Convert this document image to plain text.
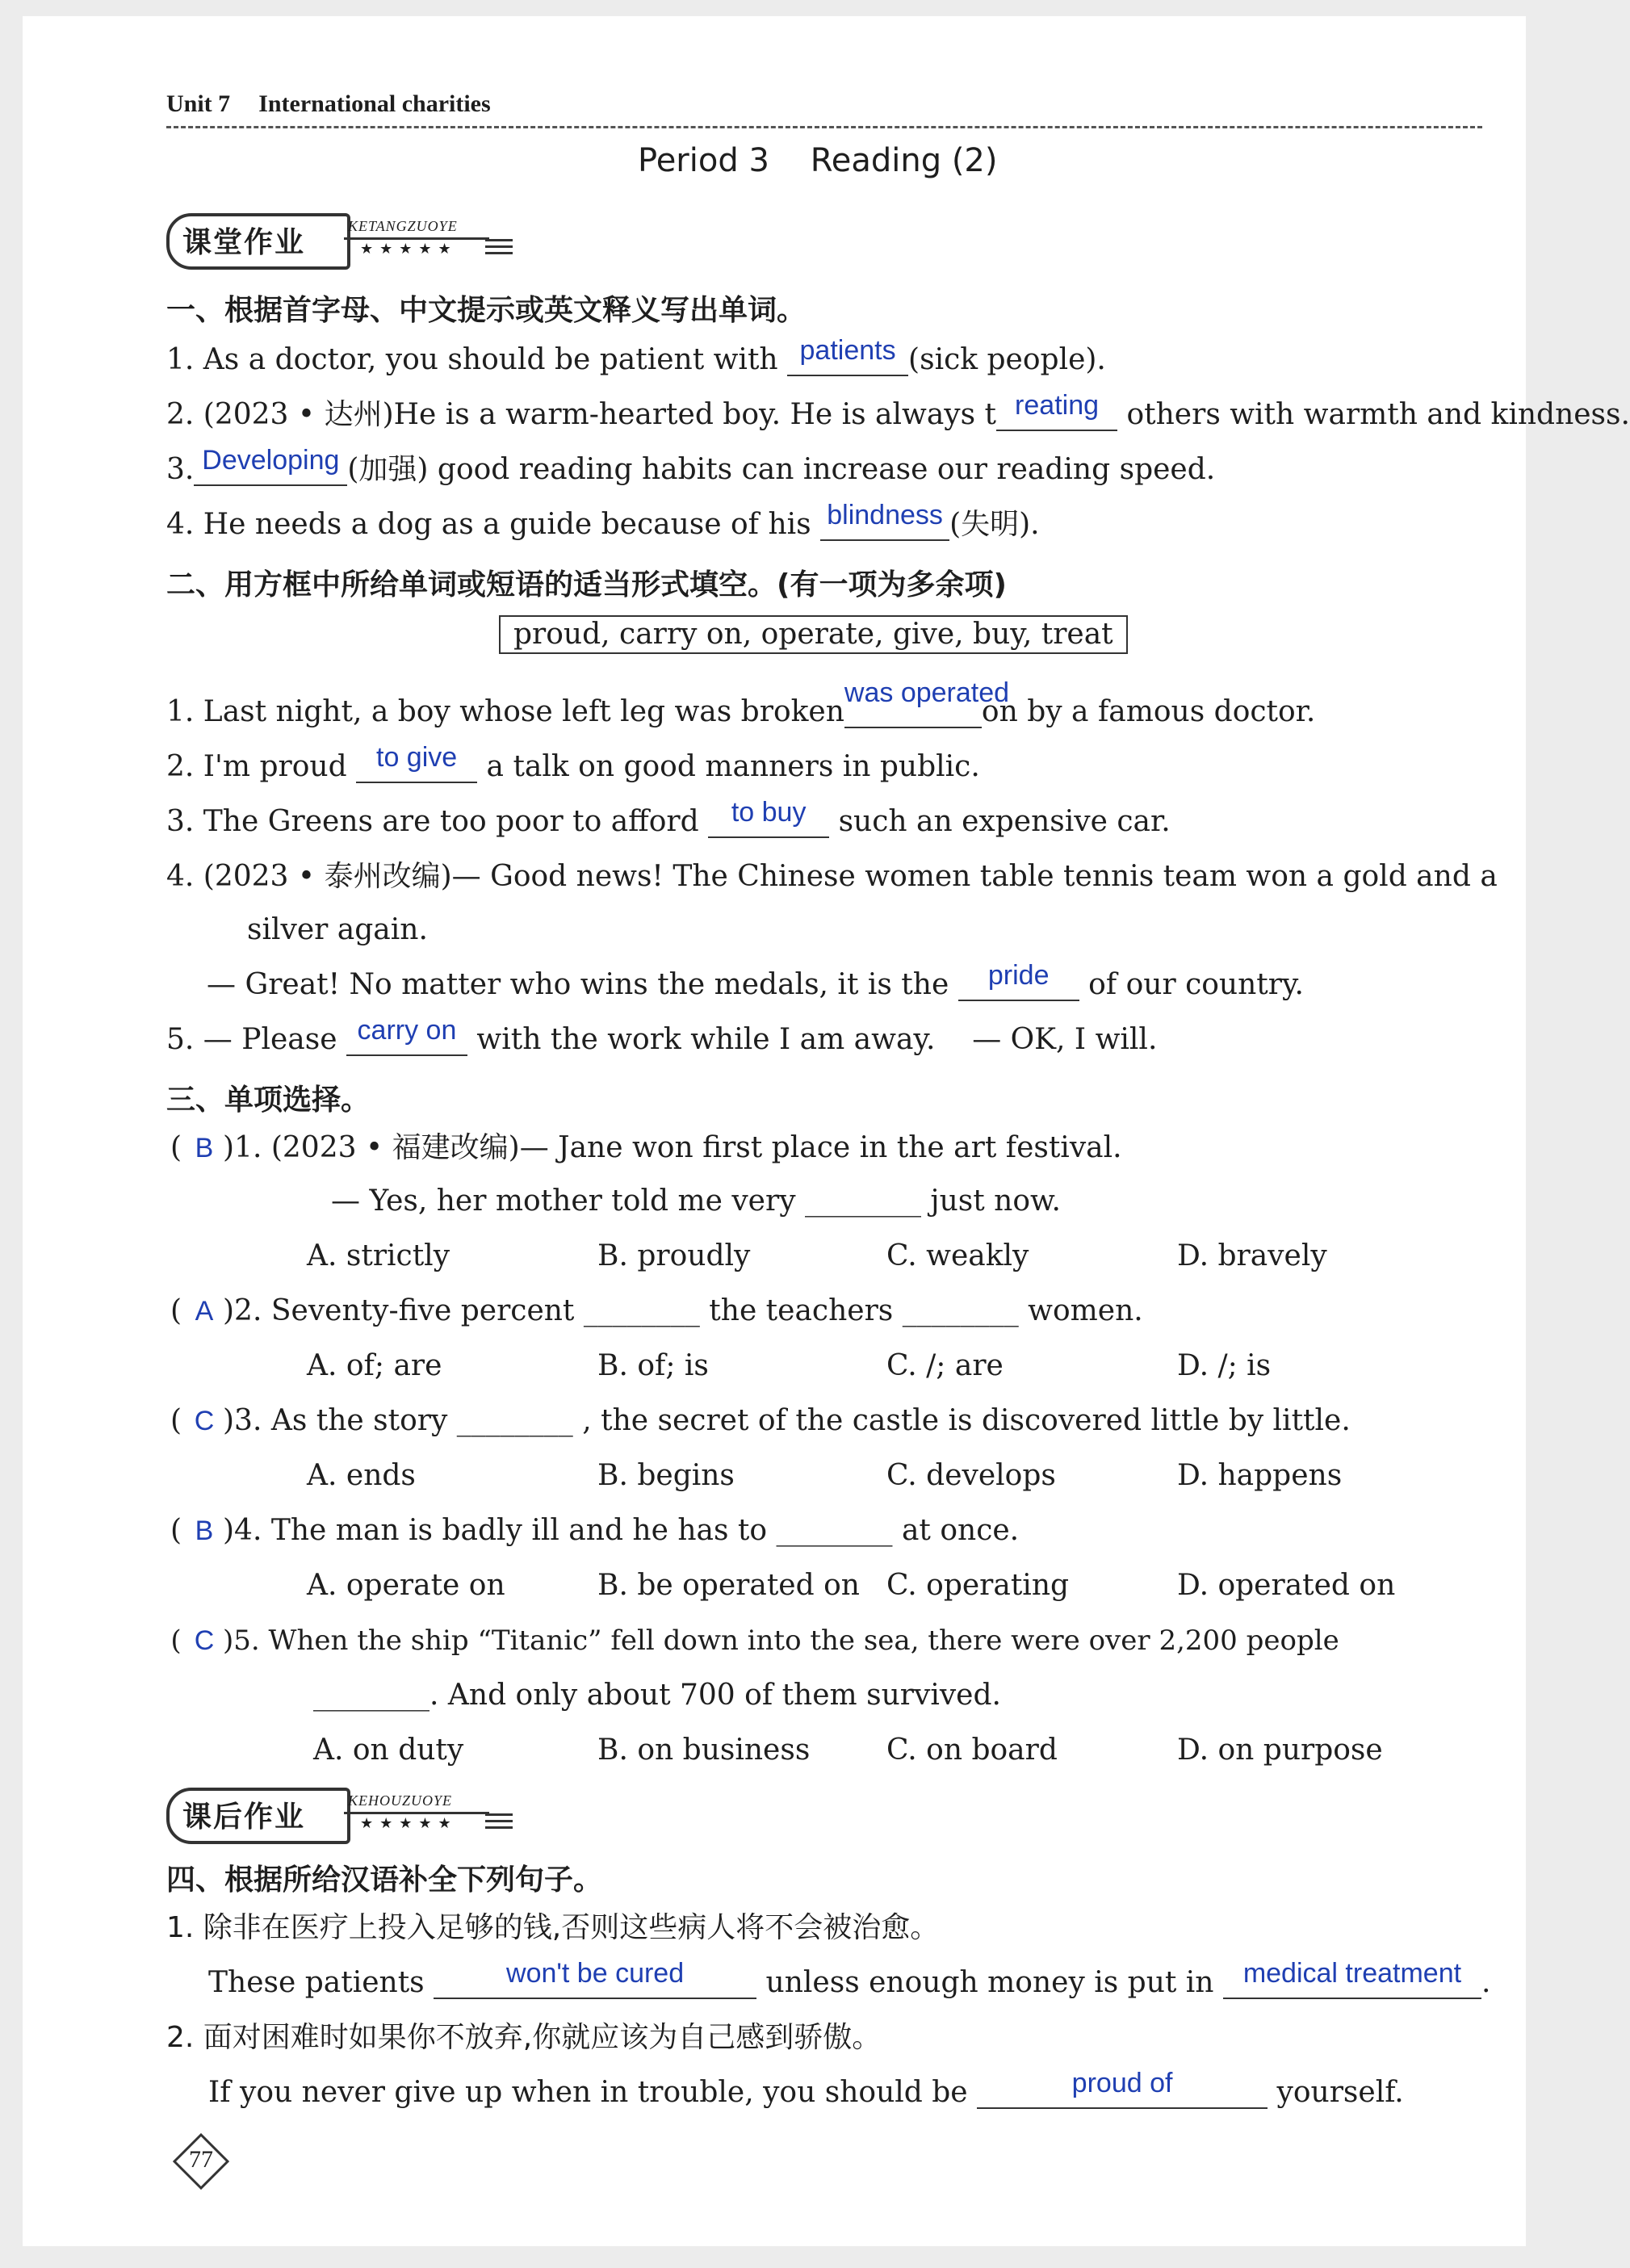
Unit 7 International charities
Period 3    Reading (2)
课堂作业	KETANGZUOYE
★★★★★
一、根据首字母、中文提示或英文释义写出单词。
1. As a doctor, you should be patient with patients (sick people).
2. (2023 • 达州)He is a warm-hearted boy. He is always t reating others with warmth and kindness.
3. Developing (加强) good reading habits can increase our reading speed.
4. He needs a dog as a guide because of his blindness (失明).
二、用方框中所给单词或短语的适当形式填空。(有一项为多余项)
proud, carry on, operate, give, buy, treat
1. Last night, a boy whose left leg was brokenwas operatedon by a famous doctor.
2. I'm proud to give a talk on good manners in public.
3. The Greens are too poor to afford to buy such an expensive car.
4. (2023 • 泰州改编)— Good news! The Chinese women table tennis team won a gold and a
silver again.
— Great! No matter who wins the medals, it is the pride of our country.
5. — Please carry on with the work while I am away.    — OK, I will.
三、单项选择。
( B )1. (2023 • 福建改编)— Jane won first place in the art festival.
— Yes, her mother told me very ________ just now.
A. strictly	B. proudly	C. weakly	D. bravely
( A )2. Seventy-five percent ________ the teachers ________ women.
A. of; are	B. of; is	C. /; are	D. /; is
( C )3. As the story ________ , the secret of the castle is discovered little by little.
A. ends	B. begins	C. develops	D. happens
( B )4. The man is badly ill and he has to ________ at once.
A. operate on	B. be operated on C. operating	D. operated on
( C )5. When the ship “Titanic” fell down into the sea, there were over 2,200 people
________. And only about 700 of them survived.
A. on duty	B. on business	C. on board	D. on purpose
课后作业	KEHOUZUOYE
★★★★★
四、根据所给汉语补全下列句子。
1. 除非在医疗上投入足够的钱,否则这些病人将不会被治愈。
These patients	won't be cured unless enough money is put in medical treatment .
2. 面对困难时如果你不放弃,你就应该为自己感到骄傲。
If you never give up when in trouble, you should be	proud of	yourself.
77
